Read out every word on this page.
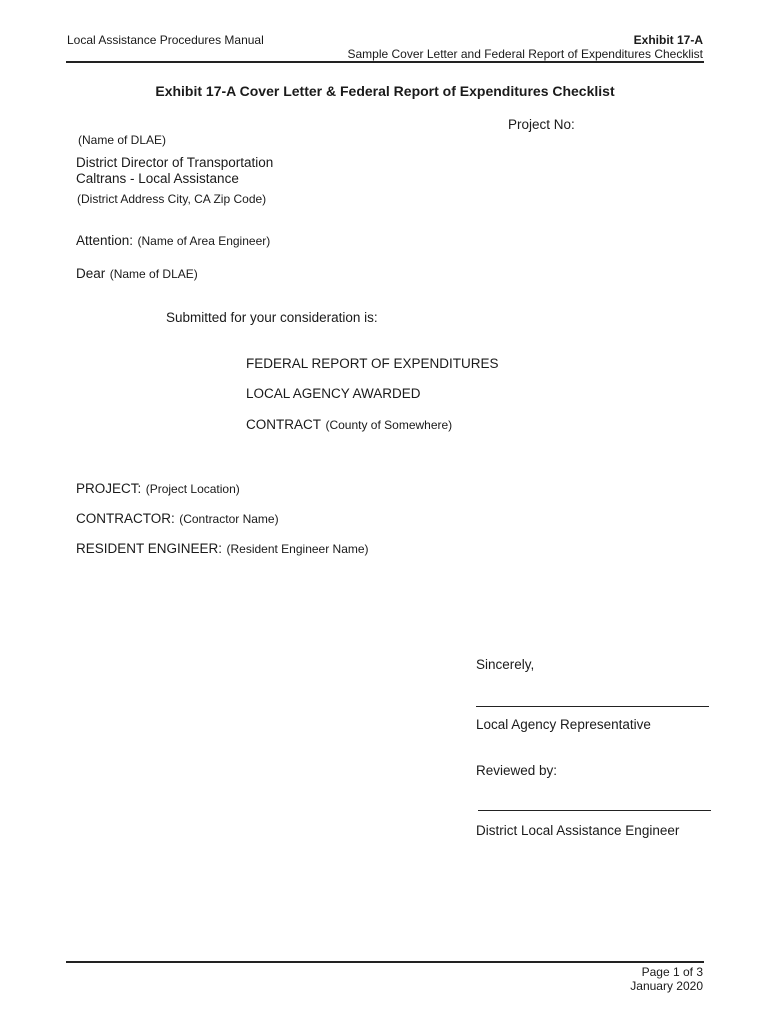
Local Assistance Procedures Manual	Exhibit 17-A
Sample Cover Letter and Federal Report of Expenditures Checklist
Exhibit 17-A Cover Letter & Federal Report of Expenditures Checklist
Project No:
(Name of DLAE)
District Director of Transportation
Caltrans - Local Assistance
(District Address City, CA Zip Code)
Attention: (Name of Area Engineer)
Dear (Name of DLAE)
Submitted for your consideration is:
FEDERAL REPORT OF EXPENDITURES
LOCAL AGENCY AWARDED
CONTRACT (County of Somewhere)
PROJECT: (Project Location)
CONTRACTOR: (Contractor Name)
RESIDENT ENGINEER: (Resident Engineer Name)
Sincerely,
Local Agency Representative
Reviewed by:
District Local Assistance Engineer
Page 1 of 3
January 2020
